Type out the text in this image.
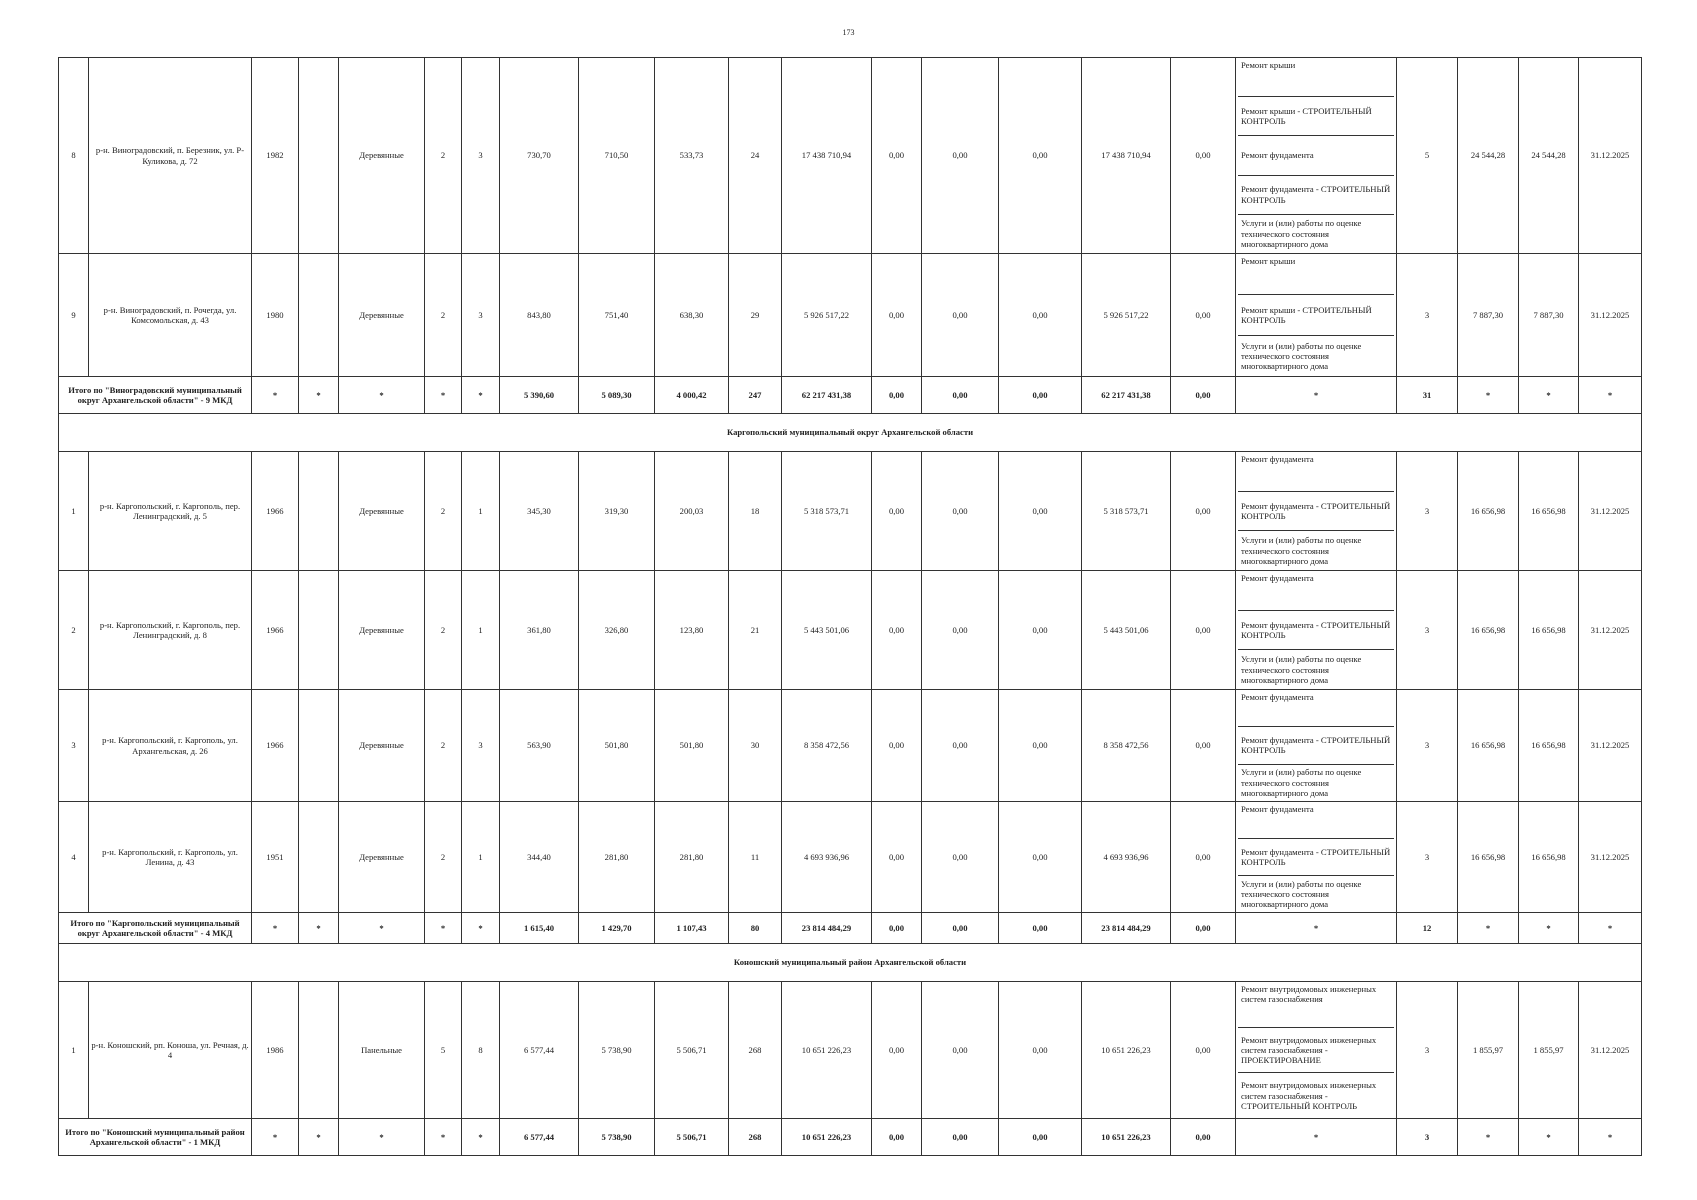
173
8	р-н. Виноградовский, п. Березник, ул. Р-Куликова, д. 72	1982		Деревянные	2	3	730,70	710,50	533,73	24	17 438 710,94	0,00	0,00	0,00	17 438 710,94	0,00	Ремонт крыши
Ремонт крыши - СТРОИТЕЛЬНЫЙ КОНТРОЛЬ
Ремонт фундамента
Ремонт фундамента - СТРОИТЕЛЬНЫЙ КОНТРОЛЬ
Услуги и (или) работы по оценке технического состояния многоквартирного дома	5	24 544,28	24 544,28	31.12.2025
9	р-н. Виноградовский, п. Рочегда, ул. Комсомольская, д. 43	1980		Деревянные	2	3	843,80	751,40	638,30	29	5 926 517,22	0,00	0,00	0,00	5 926 517,22	0,00	Ремонт крыши
Ремонт крыши - СТРОИТЕЛЬНЫЙ КОНТРОЛЬ
Услуги и (или) работы по оценке технического состояния многоквартирного дома	3	7 887,30	7 887,30	31.12.2025
Итого по "Виноградовский муниципальный округ Архангельской области" - 9 МКД		*	*	*	*	*	5 390,60	5 089,30	4 000,42	247	62 217 431,38	0,00	0,00	0,00	62 217 431,38	0,00	*	31	*	*	*
Каргопольский муниципальный округ Архангельской области																					
1	р-н. Каргопольский, г. Каргополь, пер. Ленинградский, д. 5	1966		Деревянные	2	1	345,30	319,30	200,03	18	5 318 573,71	0,00	0,00	0,00	5 318 573,71	0,00	Ремонт фундамента
Ремонт фундамента - СТРОИТЕЛЬНЫЙ КОНТРОЛЬ
Услуги и (или) работы по оценке технического состояния многоквартирного дома	3	16 656,98	16 656,98	31.12.2025
2	р-н. Каргопольский, г. Каргополь, пер. Ленинградский, д. 8	1966		Деревянные	2	1	361,80	326,80	123,80	21	5 443 501,06	0,00	0,00	0,00	5 443 501,06	0,00	Ремонт фундамента
Ремонт фундамента - СТРОИТЕЛЬНЫЙ КОНТРОЛЬ
Услуги и (или) работы по оценке технического состояния многоквартирного дома	3	16 656,98	16 656,98	31.12.2025
3	р-н. Каргопольский, г. Каргополь, ул. Архангельская, д. 26	1966		Деревянные	2	3	563,90	501,80	501,80	30	8 358 472,56	0,00	0,00	0,00	8 358 472,56	0,00	Ремонт фундамента
Ремонт фундамента - СТРОИТЕЛЬНЫЙ КОНТРОЛЬ
Услуги и (или) работы по оценке технического состояния многоквартирного дома	3	16 656,98	16 656,98	31.12.2025
4	р-н. Каргопольский, г. Каргополь, ул. Ленина, д. 43	1951		Деревянные	2	1	344,40	281,80	281,80	11	4 693 936,96	0,00	0,00	0,00	4 693 936,96	0,00	Ремонт фундамента
Ремонт фундамента - СТРОИТЕЛЬНЫЙ КОНТРОЛЬ
Услуги и (или) работы по оценке технического состояния многоквартирного дома	3	16 656,98	16 656,98	31.12.2025
Итого по "Каргопольский муниципальный округ Архангельской области" - 4 МКД		*	*	*	*	*	1 615,40	1 429,70	1 107,43	80	23 814 484,29	0,00	0,00	0,00	23 814 484,29	0,00	*	12	*	*	*
Коношский муниципальный район Архангельской области																					
1	р-н. Коношский, рп. Коноша, ул. Речная, д. 4	1986		Панельные	5	8	6 577,44	5 738,90	5 506,71	268	10 651 226,23	0,00	0,00	0,00	10 651 226,23	0,00	Ремонт внутридомовых инженерных систем газоснабжения
Ремонт внутридомовых инженерных систем газоснабжения - ПРОЕКТИРОВАНИЕ
Ремонт внутридомовых инженерных систем газоснабжения - СТРОИТЕЛЬНЫЙ КОНТРОЛЬ	3	1 855,97	1 855,97	31.12.2025
Итого по "Коношский муниципальный район Архангельской области" - 1 МКД		*	*	*	*	*	6 577,44	5 738,90	5 506,71	268	10 651 226,23	0,00	0,00	0,00	10 651 226,23	0,00	*	3	*	*	*
